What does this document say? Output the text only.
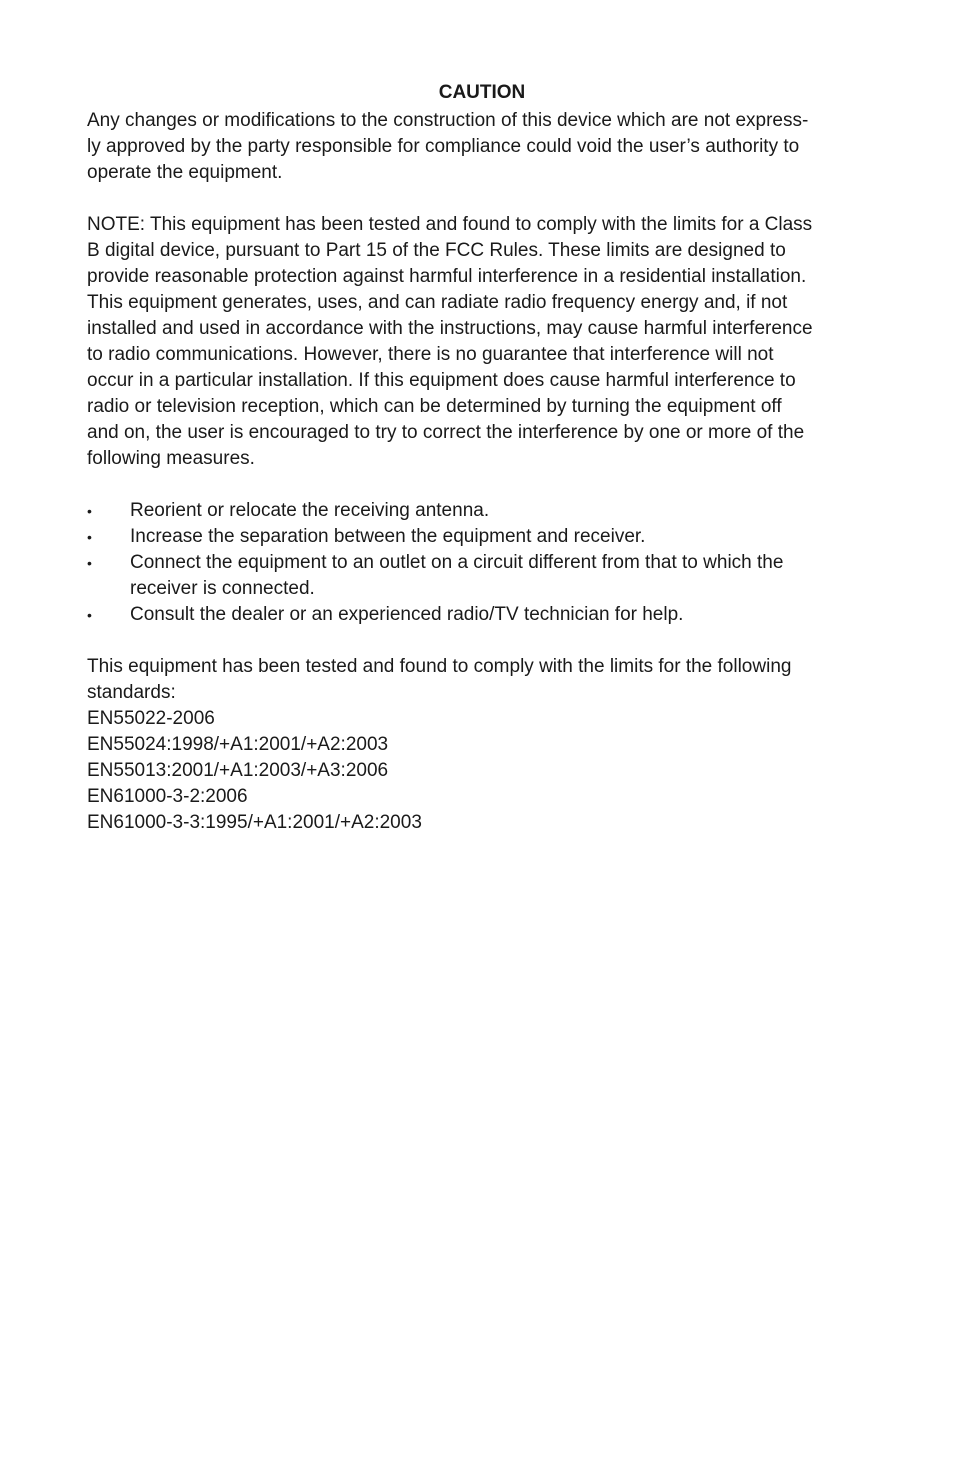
CAUTION

Any changes or modifications to the construction of this device which are not express-
ly approved by the party responsible for compliance could void the user’s authority to
operate the equipment.

NOTE: This equipment has been tested and found to comply with the limits for a Class
B digital device, pursuant to Part 15 of the FCC Rules. These limits are designed to
provide reasonable protection against harmful interference in a residential installation.
This equipment generates, uses, and can radiate radio frequency energy and, if not
installed and used in accordance with the instructions, may cause harmful interference
to radio communications. However, there is no guarantee that interference will not
occur in a particular installation. If this equipment does cause harmful interference to
radio or television reception, which can be determined by turning the equipment off
and on, the user is encouraged to try to correct the interference by one or more of the
following measures.

•	Reorient or relocate the receiving antenna.
•	Increase the separation between the equipment and receiver.
•	Connect the equipment to an outlet on a circuit different from that to which the
receiver is connected.
•	Consult the dealer or an experienced radio/TV technician for help.

This equipment has been tested and found to comply with the limits for the following
standards:

EN55022-2006
EN55024:1998/+A1:2001/+A2:2003
EN55013:2001/+A1:2003/+A3:2006
EN61000-3-2:2006
EN61000-3-3:1995/+A1:2001/+A2:2003
